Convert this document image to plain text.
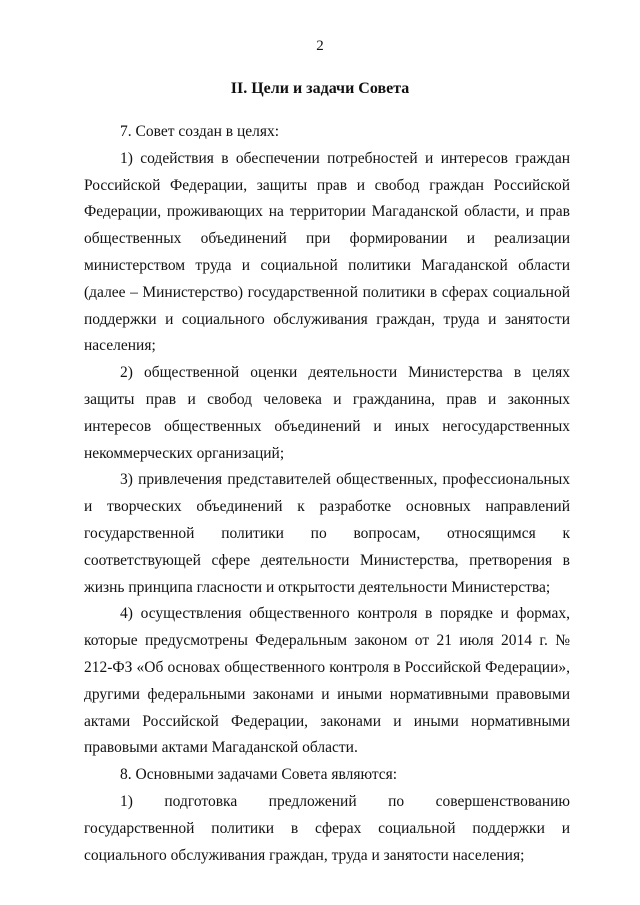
2
II. Цели и задачи Совета

7. Совет создан в целях:

1) содействия в обеспечении потребностей и интересов граждан Российской Федерации, защиты прав и свобод граждан Российской Федерации, проживающих на территории Магаданской области, и прав общественных объединений при формировании и реализации министерством труда и социальной политики Магаданской области (далее – Министерство) государственной политики в сферах социальной поддержки и социального обслуживания граждан, труда и занятости населения;

2) общественной оценки деятельности Министерства в целях защиты прав и свобод человека и гражданина, прав и законных интересов общественных объединений и иных негосударственных некоммерческих организаций;

3) привлечения представителей общественных, профессиональных и творческих объединений к разработке основных направлений государственной политики по вопросам, относящимся к соответствующей сфере деятельности Министерства, претворения в жизнь принципа гласности и открытости деятельности Министерства;

4) осуществления общественного контроля в порядке и формах, которые предусмотрены Федеральным законом от 21 июля 2014 г. № 212-ФЗ «Об основах общественного контроля в Российской Федерации», другими федеральными законами и иными нормативными правовыми актами Российской Федерации, законами и иными нормативными правовыми актами Магаданской области.

8. Основными задачами Совета являются:

1) подготовка предложений по совершенствованию государственной политики в сферах социальной поддержки и социального обслуживания граждан, труда и занятости населения;
